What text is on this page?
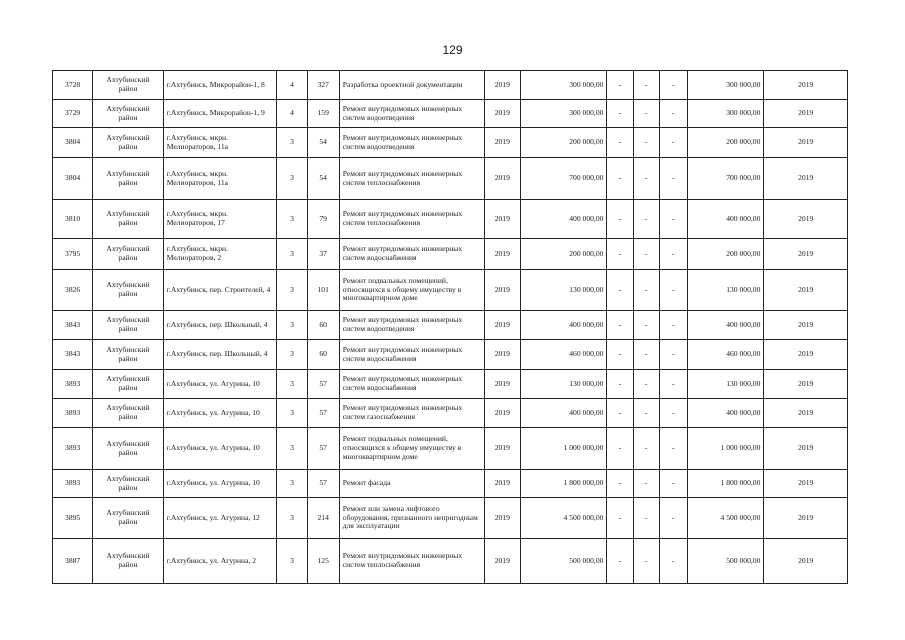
129
3728	Ахтубинский район	г.Ахтубинск, Микрорайон-1, 8	4	327	Разработка проектной документации	2019	300 000,00	-	-	-	300 000,00	2019
3729	Ахтубинский район	г.Ахтубинск, Микрорайон-1, 9	4	159	Ремонт внутридомовых инженерных систем водоотведения	2019	300 000,00	-	-	-	300 000,00	2019
3804	Ахтубинский район	г.Ахтубинск, мкрн. Мелиораторов, 11а	3	54	Ремонт внутридомовых инженерных систем водоотведения	2019	200 000,00	-	-	-	200 000,00	2019
3804	Ахтубинский район	г.Ахтубинск, мкрн. Мелиораторов, 11а	3	54	Ремонт внутридомовых инженерных систем теплоснабжения	2019	700 000,00	-	-	-	700 000,00	2019
3810	Ахтубинский район	г.Ахтубинск, мкрн. Мелиораторов, 17	3	79	Ремонт внутридомовых инженерных систем теплоснабжения	2019	400 000,00	-	-	-	400 000,00	2019
3795	Ахтубинский район	г.Ахтубинск, мкрн. Мелиораторов, 2	3	37	Ремонт внутридомовых инженерных систем водоснабжения	2019	200 000,00	-	-	-	200 000,00	2019
3826	Ахтубинский район	г.Ахтубинск, пер. Строителей, 4	3	101	Ремонт подвальных помещений, относящихся к общему имуществу в многоквартирном доме	2019	130 000,00	-	-	-	130 000,00	2019
3843	Ахтубинский район	г.Ахтубинск, пер. Школьный, 4	3	60	Ремонт внутридомовых инженерных систем водоотведения	2019	400 000,00	-	-	-	400 000,00	2019
3843	Ахтубинский район	г.Ахтубинск, пер. Школьный, 4	3	60	Ремонт внутридомовых инженерных систем водоснабжения	2019	460 000,00	-	-	-	460 000,00	2019
3893	Ахтубинский район	г.Ахтубинск, ул. Агурина, 10	3	57	Ремонт внутридомовых инженерных систем водоснабжения	2019	130 000,00	-	-	-	130 000,00	2019
3893	Ахтубинский район	г.Ахтубинск, ул. Агурина, 10	3	57	Ремонт внутридомовых инженерных систем газоснабжения	2019	400 000,00	-	-	-	400 000,00	2019
3893	Ахтубинский район	г.Ахтубинск, ул. Агурина, 10	3	57	Ремонт подвальных помещений, относящихся к общему имуществу в многоквартирном доме	2019	1 000 000,00	-	-	-	1 000 000,00	2019
3893	Ахтубинский район	г.Ахтубинск, ул. Агурина, 10	3	57	Ремонт фасада	2019	1 800 000,00	-	-	-	1 800 000,00	2019
3895	Ахтубинский район	г.Ахтубинск, ул. Агурина, 12	3	214	Ремонт или замена лифтового оборудования, признанного непригодным для эксплуатации	2019	4 500 000,00	-	-	-	4 500 000,00	2019
3887	Ахтубинский район	г.Ахтубинск, ул. Агурина, 2	3	125	Ремонт внутридомовых инженерных систем теплоснабжения	2019	500 000,00	-	-	-	500 000,00	2019
